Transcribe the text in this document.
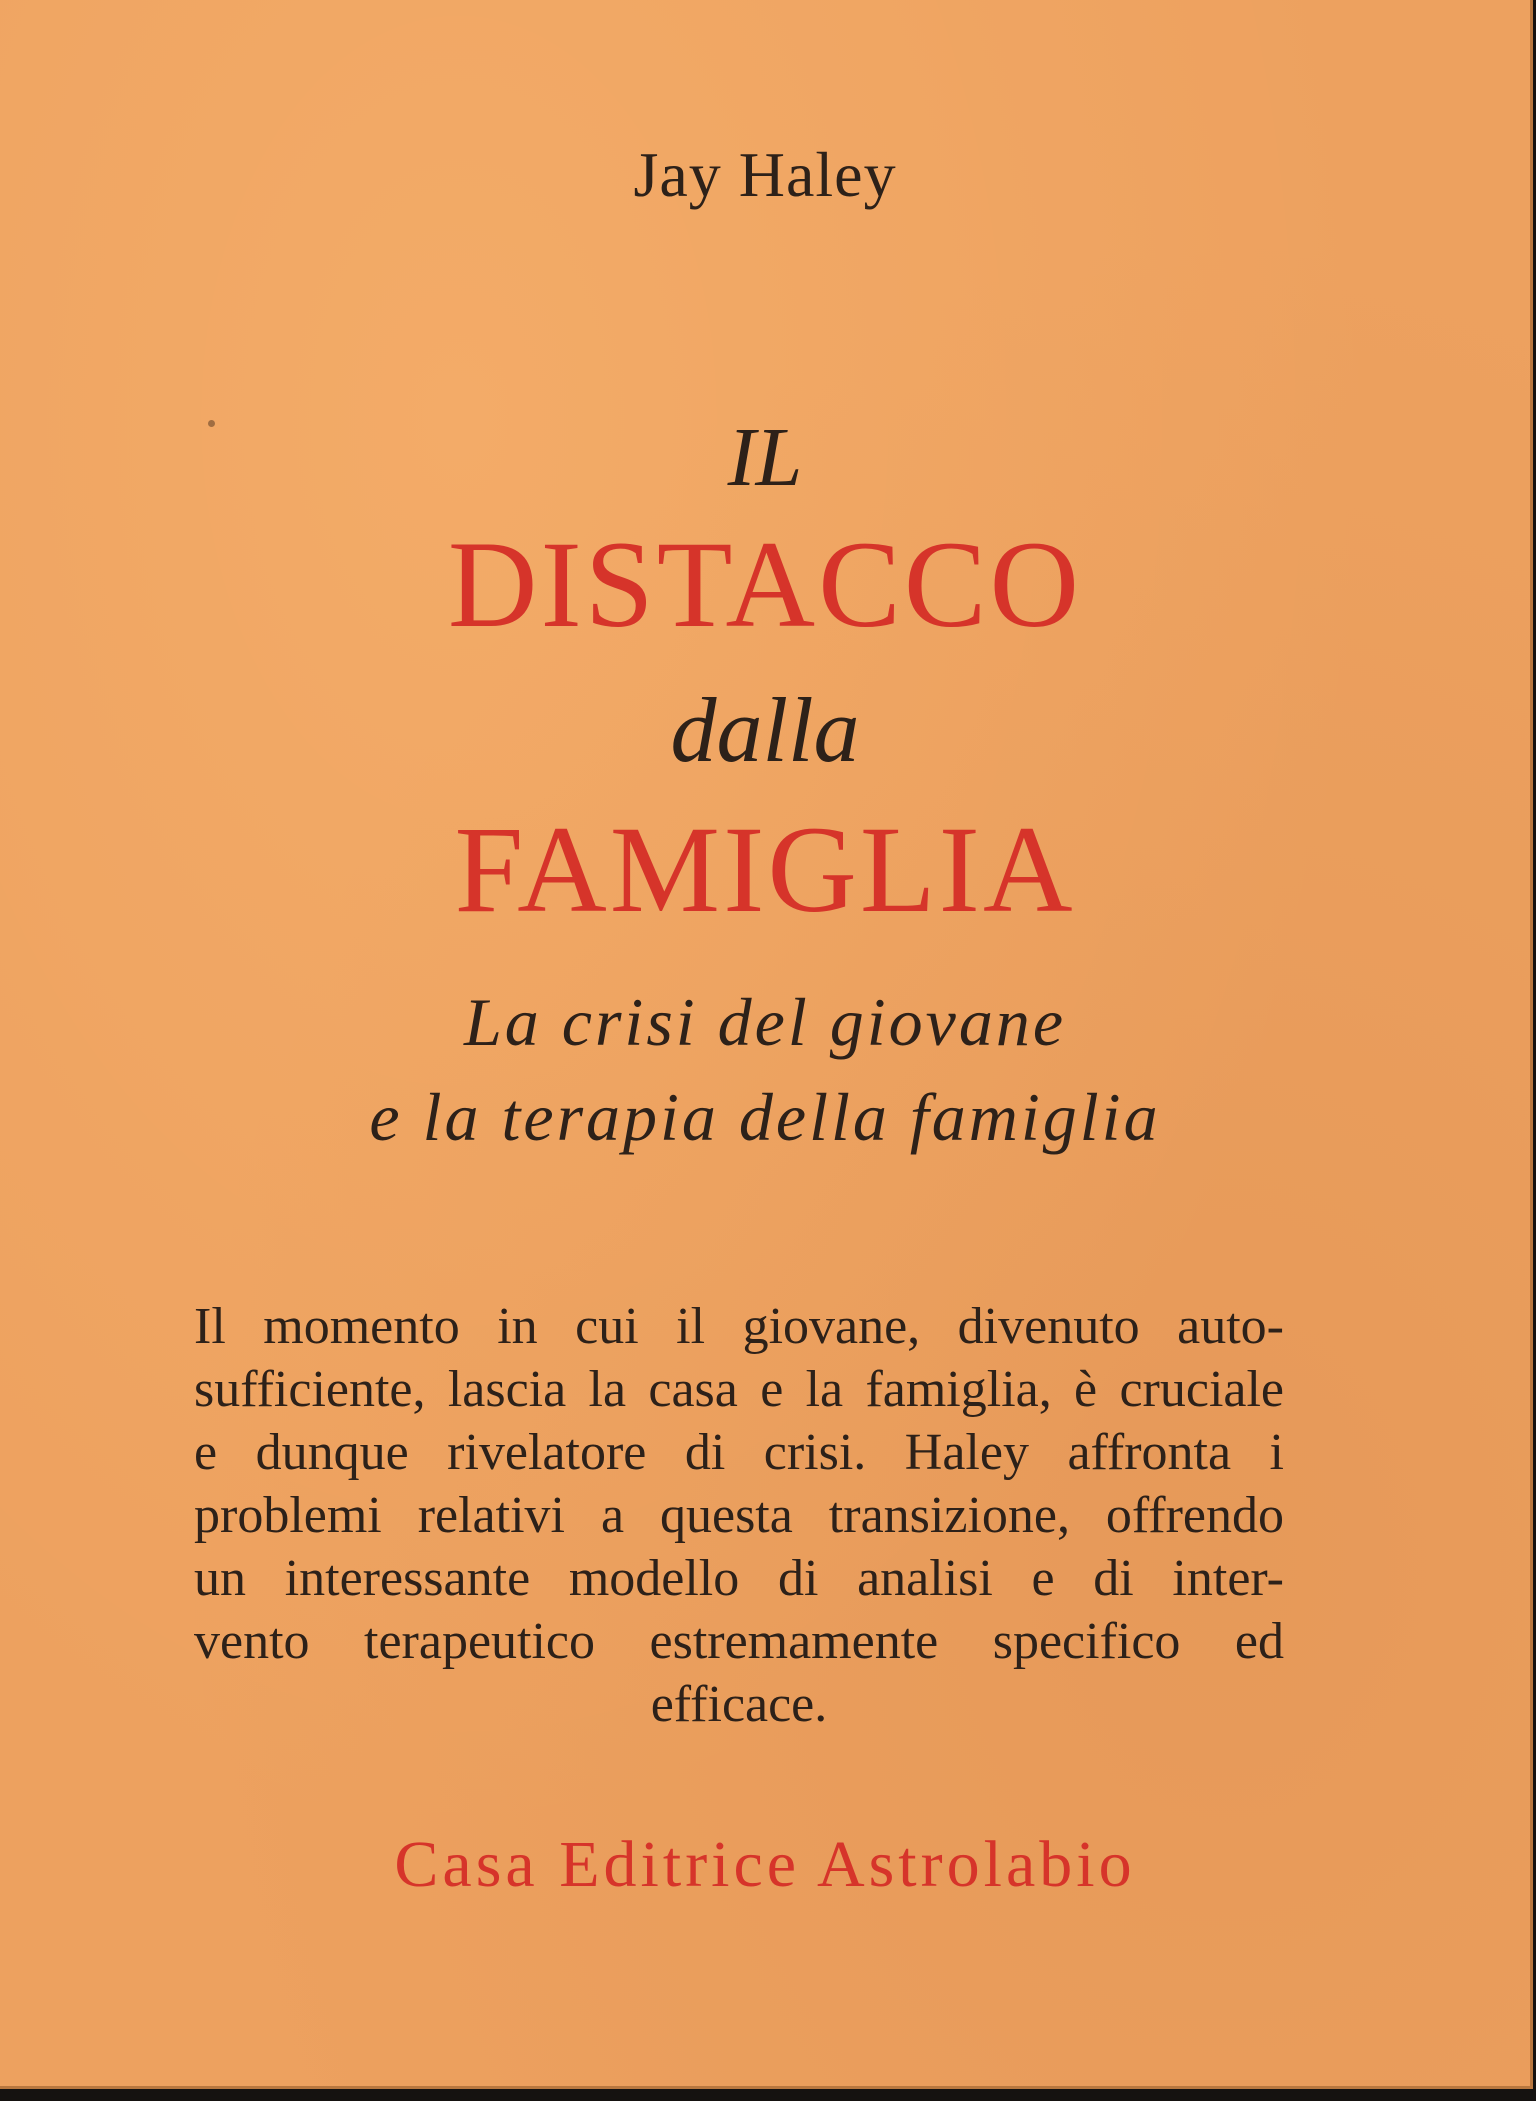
Jay Haley
IL
DISTACCO
dalla
FAMIGLIA
La crisi del giovane
e la terapia della famiglia
Il momento in cui il giovane, divenuto auto-
sufficiente, lascia la casa e la famiglia, è cruciale
e dunque rivelatore di crisi. Haley affronta i
problemi relativi a questa transizione, offrendo
un interessante modello di analisi e di inter-
vento terapeutico estremamente specifico ed
efficace.
Casa Editrice Astrolabio
